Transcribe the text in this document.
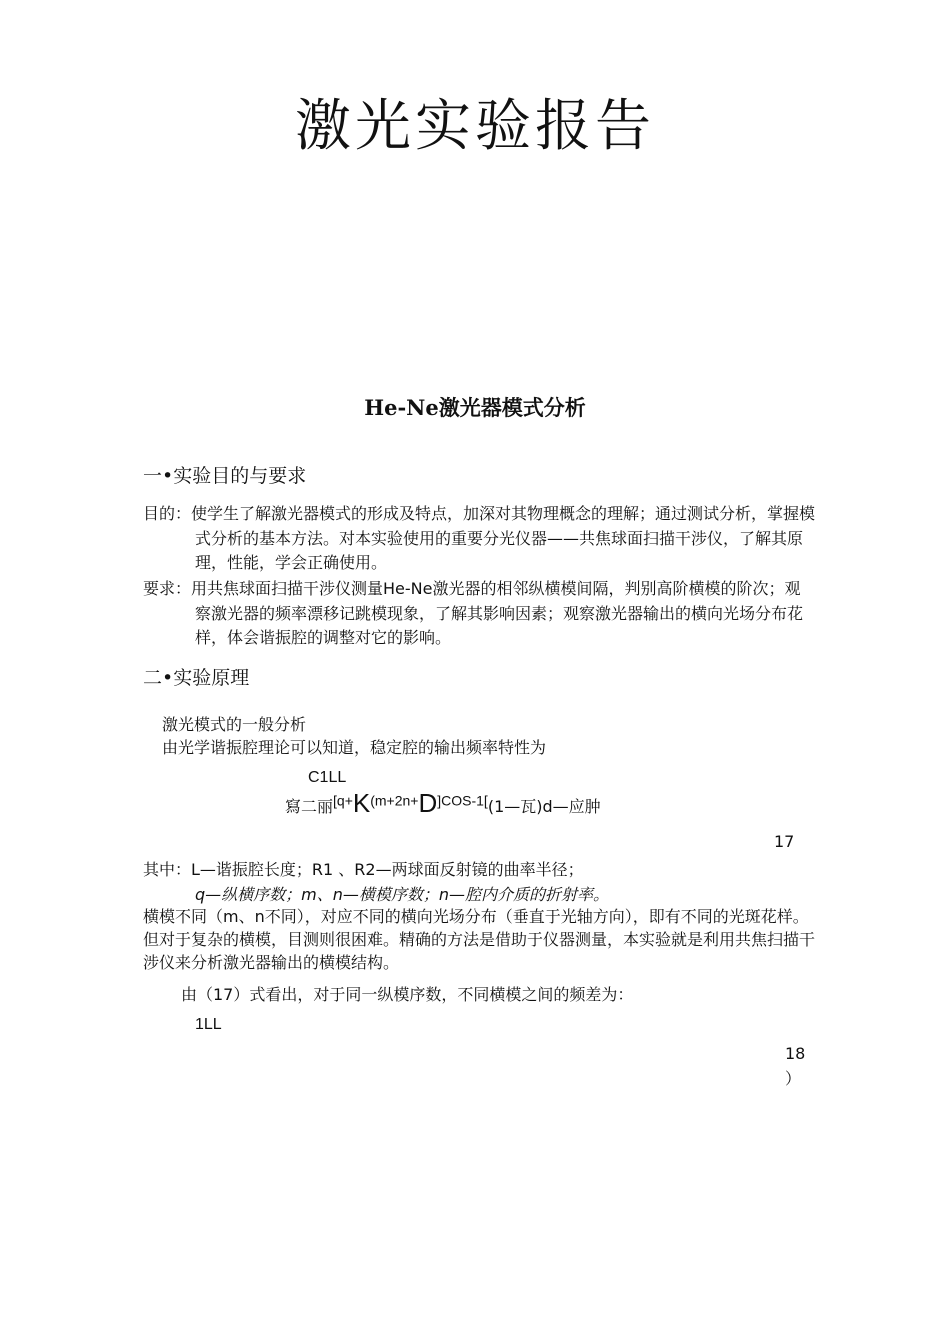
激光实验报告
He-Ne激光器模式分析
一•实验目的与要求
目的：使学生了解激光器模式的形成及特点，加深对其物理概念的理解；通过测试分析，掌握模式分析的基本方法。对本实验使用的重要分光仪器——共焦球面扫描干涉仪，了解其原理，性能，学会正确使用。
要求：用共焦球面扫描干涉仪测量He-Ne激光器的相邻纵横模间隔，判别高阶横模的阶次；观察激光器的频率漂移记跳模现象，了解其影响因素；观察激光器输出的横向光场分布花样，体会谐振腔的调整对它的影响。
二•实验原理
激光模式的一般分析
由光学谐振腔理论可以知道，稳定腔的输出频率特性为
C1LL
寫二丽$^{[q+}K^{(m+2n+}D^{]COS-1[}(1—$瓦)d—应肿
17
其中：L—谐振腔长度；R1 、R2—两球面反射镜的曲率半径；
q—纵横序数；m、n—横模序数；n—腔内介质的折射率。
横模不同（m、n不同），对应不同的横向光场分布（垂直于光轴方向），即有不同的光斑花样。但对于复杂的横模，目测则很困难。精确的方法是借助于仪器测量，本实验就是利用共焦扫描干涉仪来分析激光器输出的横模结构。
由（17）式看出，对于同一纵模序数，不同横模之间的频差为：
1LL
18
）
